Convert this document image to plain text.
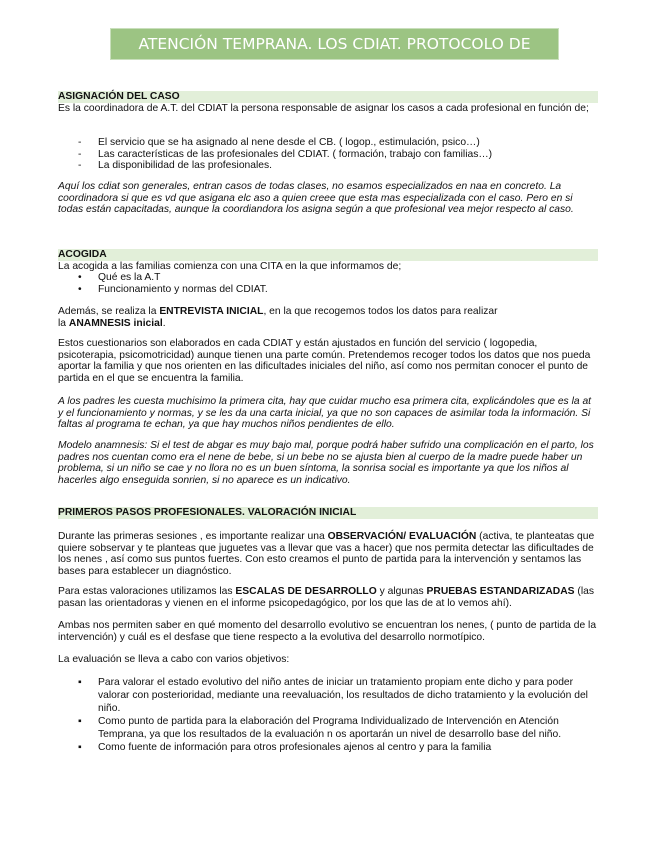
ATENCIÓN TEMPRANA. LOS CDIAT. PROTOCOLO DE TRABAJO
ASIGNACIÓN DEL CASO
Es la coordinadora de A.T. del CDIAT la persona responsable de asignar los casos a cada profesional en función de;
- El servicio que se ha asignado al nene desde el CB. ( logop., estimulación, psico…)
- Las características de las profesionales del CDIAT. ( formación, trabajo con familias…)
- La disponibilidad de las profesionales.
Aquí los cdiat son generales, entran casos de todas clases, no esamos especializados en naa en concreto. La coordinadora si que es vd que asigana elc aso a quien creee que esta mas especializada con el caso. Pero en si todas están capacitadas, aunque la coordiandora los asigna según a que profesional vea mejor respecto al caso.
ACOGIDA
La acogida a las familias comienza con una CITA en la que informamos de;
• Qué es la A.T
• Funcionamiento y normas del CDIAT.
Además, se realiza la ENTREVISTA INICIAL, en la que recogemos todos los datos para realizar la ANAMNESIS inicial.
Estos cuestionarios son elaborados en cada CDIAT y están ajustados en función del servicio ( logopedia, psicoterapia, psicomotricidad) aunque tienen una parte común. Pretendemos recoger todos los datos que nos pueda aportar la familia y que nos orienten en las dificultades iniciales del niño, así como nos permitan conocer el punto de partida en el que se encuentra la familia.
A los padres les cuesta muchisimo la primera cita, hay que cuidar mucho esa primera cita, explicándoles que es la at y el funcionamiento y normas, y se les da una carta inicial, ya que no son capaces de asimilar toda la información. Si faltas al programa te echan, ya que hay muchos niños pendientes de ello.
Modelo anamnesis: Si el test de abgar es muy bajo mal, porque podrá haber sufrido una complicación en el parto, los padres nos cuentan como era el nene de bebe, si un bebe no se ajusta bien al cuerpo de la madre puede haber un problema, si un niño se cae y no llora no es un buen síntoma, la sonrisa social es importante ya que los niños al hacerles algo enseguida sonrien, si no aparece es un indicativo.
PRIMEROS PASOS PROFESIONALES. VALORACIÓN INICIAL
Durante las primeras sesiones , es importante realizar una OBSERVACIÓN/ EVALUACIÓN (activa, te planteatas que quiere sobservar y te planteas que juguetes vas a llevar que vas a hacer) que nos permita detectar las dificultades de los nenes , así como sus puntos fuertes. Con esto creamos el punto de partida para la intervención y sentamos las bases para establecer un diagnóstico.
Para estas valoraciones utilizamos las ESCALAS DE DESARROLLO y algunas PRUEBAS ESTANDARIZADAS (las pasan las orientadoras y vienen en el informe psicopedagógico, por los que las de at lo vemos ahí).
Ambas nos permiten saber en qué momento del desarrollo evolutivo se encuentran los nenes, ( punto de partida de la intervención) y cuál es el desfase que tiene respecto a la evolutiva del desarrollo normotípico.
La evaluación se lleva a cabo con varios objetivos:
▪ Para valorar el estado evolutivo del niño antes de iniciar un tratamiento propiam ente dicho y para poder valorar con posterioridad, mediante una reevaluación, los resultados de dicho tratamiento y la evolución del niño.
▪ Como punto de partida para la elaboración del Programa Individualizado de Intervención en Atención Temprana, ya que los resultados de la evaluación n os aportarán un nivel de desarrollo base del niño.
▪ Como fuente de información para otros profesionales ajenos al centro y para la familia
